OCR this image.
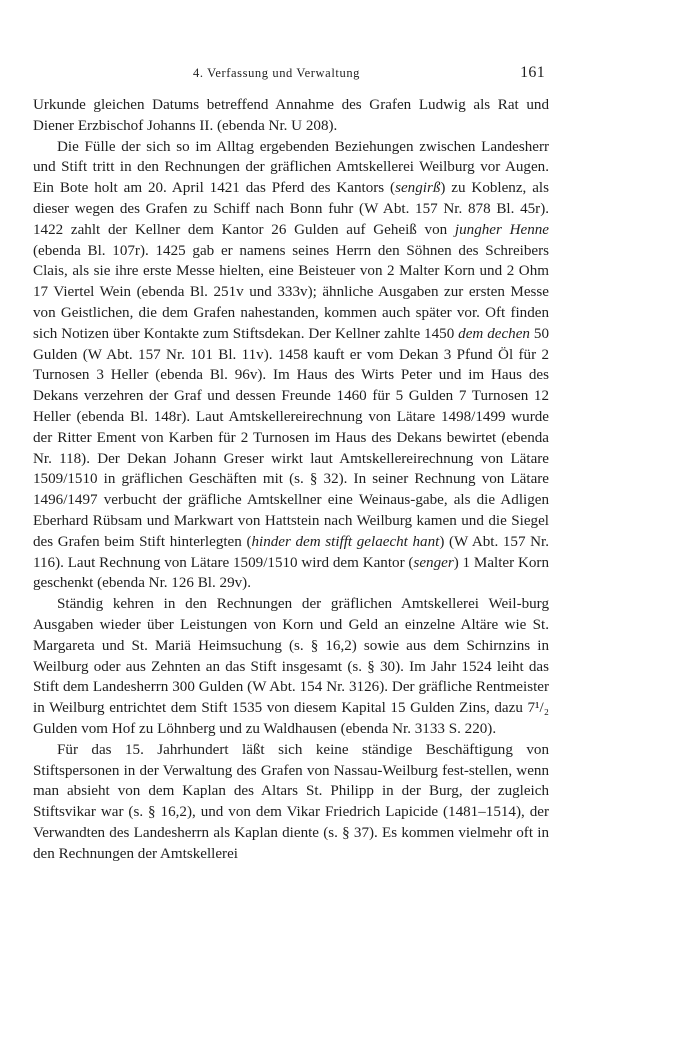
4. Verfassung und Verwaltung	161

Urkunde gleichen Datums betreffend Annahme des Grafen Ludwig als Rat und Diener Erzbischof Johanns II. (ebenda Nr. U 208).

Die Fülle der sich so im Alltag ergebenden Beziehungen zwischen Landesherr und Stift tritt in den Rechnungen der gräflichen Amtskellerei Weilburg vor Augen. Ein Bote holt am 20. April 1421 das Pferd des Kantors (sengirß) zu Koblenz, als dieser wegen des Grafen zu Schiff nach Bonn fuhr (W Abt. 157 Nr. 878 Bl. 45r). 1422 zahlt der Kellner dem Kantor 26 Gulden auf Geheiß von jungher Henne (ebenda Bl. 107r). 1425 gab er namens seines Herrn den Söhnen des Schreibers Clais, als sie ihre erste Messe hielten, eine Beisteuer von 2 Malter Korn und 2 Ohm 17 Viertel Wein (ebenda Bl. 251v und 333v); ähnliche Ausgaben zur ersten Messe von Geistlichen, die dem Grafen nahestanden, kommen auch später vor. Oft finden sich Notizen über Kontakte zum Stiftsdekan. Der Kellner zahlte 1450 dem dechen 50 Gulden (W Abt. 157 Nr. 101 Bl. 11v). 1458 kauft er vom Dekan 3 Pfund Öl für 2 Turnosen 3 Heller (ebenda Bl. 96v). Im Haus des Wirts Peter und im Haus des Dekans verzehren der Graf und dessen Freunde 1460 für 5 Gulden 7 Turnosen 12 Heller (ebenda Bl. 148r). Laut Amtskellereirechnung von Lätare 1498/1499 wurde der Ritter Ement von Karben für 2 Turnosen im Haus des Dekans bewirtet (ebenda Nr. 118). Der Dekan Johann Greser wirkt laut Amtskellereirechnung von Lätare 1509/1510 in gräflichen Geschäften mit (s. § 32). In seiner Rechnung von Lätare 1496/1497 verbucht der gräfliche Amtskellner eine Weinaus-gabe, als die Adligen Eberhard Rübsam und Markwart von Hattstein nach Weilburg kamen und die Siegel des Grafen beim Stift hinterlegten (hinder dem stifft gelaecht hant) (W Abt. 157 Nr. 116). Laut Rechnung von Lätare 1509/1510 wird dem Kantor (senger) 1 Malter Korn geschenkt (ebenda Nr. 126 Bl. 29v).

Ständig kehren in den Rechnungen der gräflichen Amtskellerei Weil-burg Ausgaben wieder über Leistungen von Korn und Geld an einzelne Altäre wie St. Margareta und St. Mariä Heimsuchung (s. § 16,2) sowie aus dem Schirnzins in Weilburg oder aus Zehnten an das Stift insgesamt (s. § 30). Im Jahr 1524 leiht das Stift dem Landesherrn 300 Gulden (W Abt. 154 Nr. 3126). Der gräfliche Rentmeister in Weilburg entrichtet dem Stift 1535 von diesem Kapital 15 Gulden Zins, dazu 7¹/₂ Gulden vom Hof zu Löhnberg und zu Waldhausen (ebenda Nr. 3133 S. 220).

Für das 15. Jahrhundert läßt sich keine ständige Beschäftigung von Stiftspersonen in der Verwaltung des Grafen von Nassau-Weilburg fest-stellen, wenn man absieht von dem Kaplan des Altars St. Philipp in der Burg, der zugleich Stiftsvikar war (s. § 16,2), und von dem Vikar Friedrich Lapicide (1481–1514), der Verwandten des Landesherrn als Kaplan diente (s. § 37). Es kommen vielmehr oft in den Rechnungen der Amtskellerei
